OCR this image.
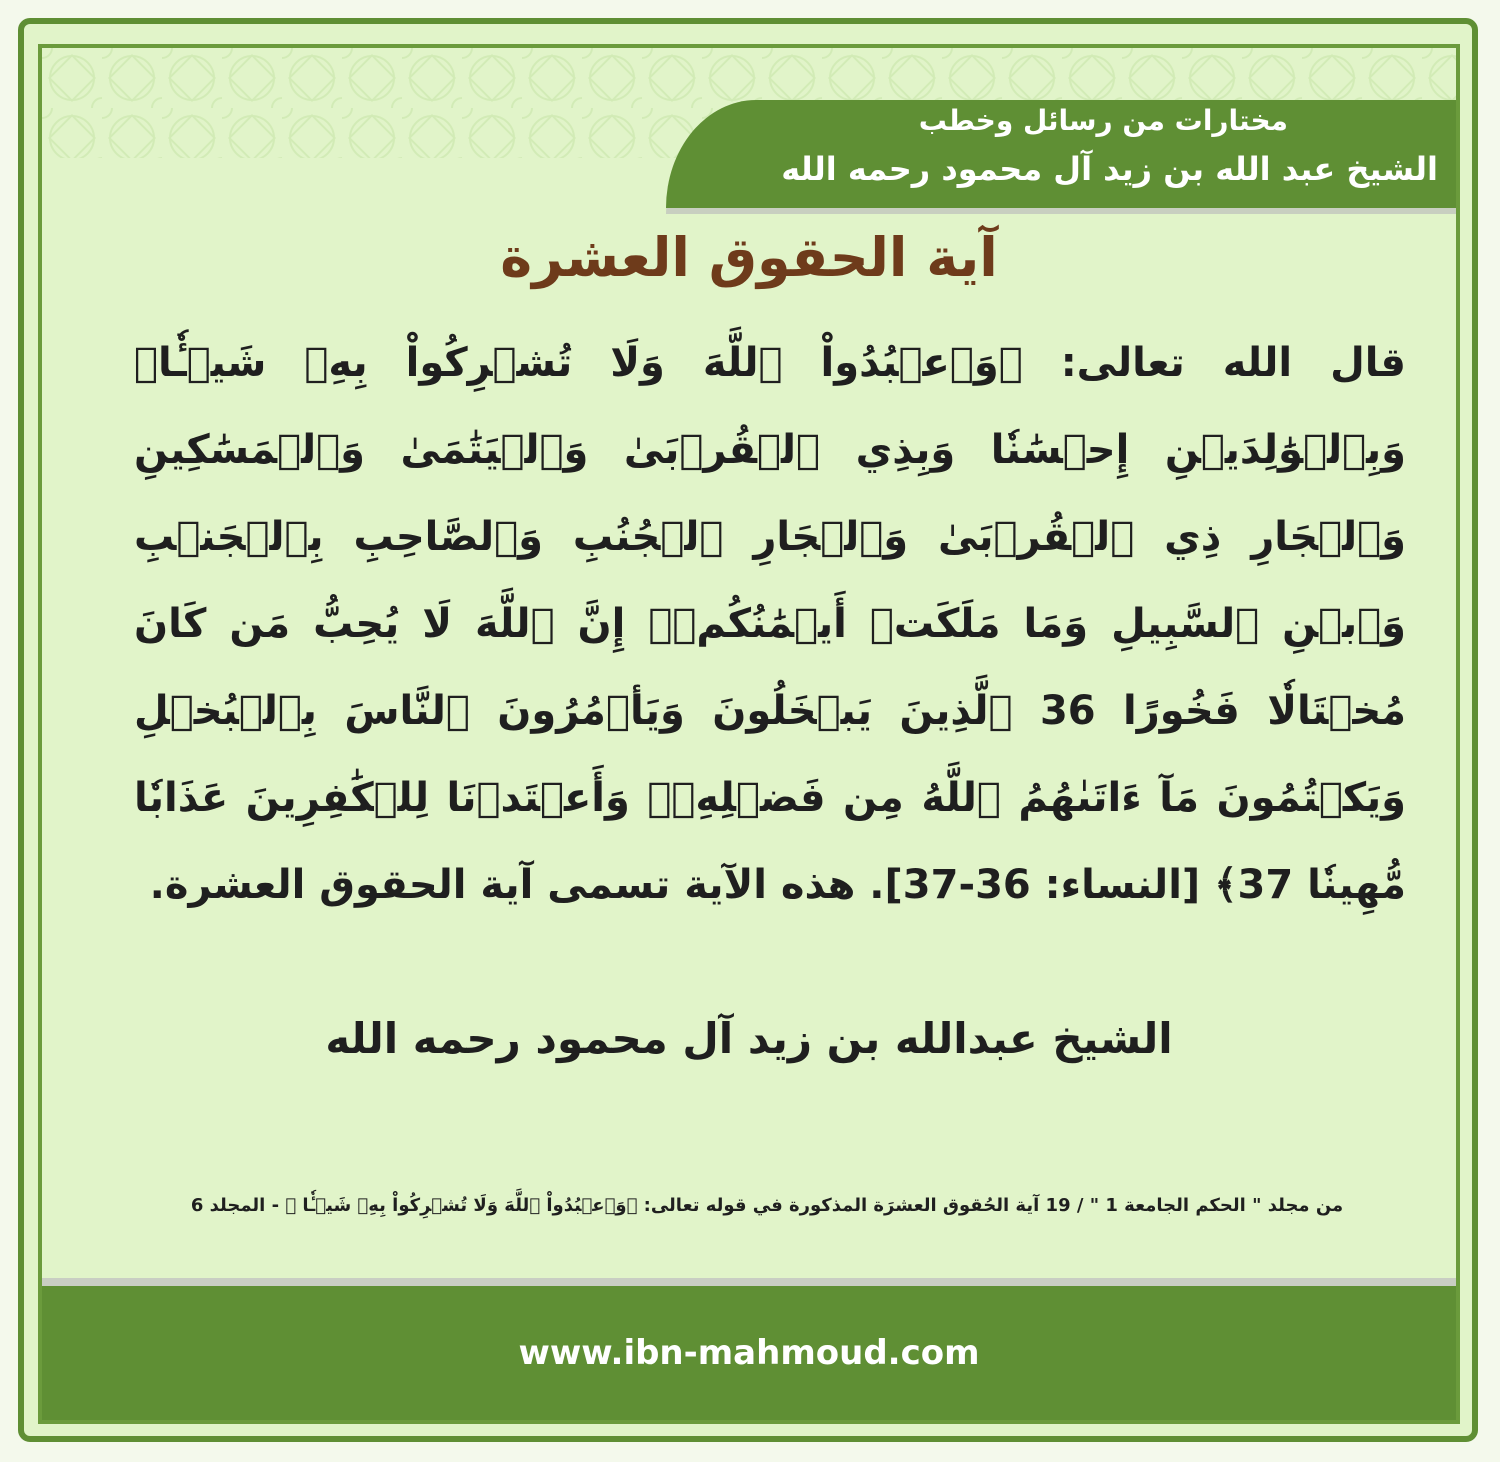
مختارات من رسائل وخطب
الشيخ عبد الله بن زيد آل محمود رحمه الله
آية الحقوق العشرة
قال الله تعالى: ﴿وَٱعۡبُدُواْ ٱللَّهَ وَلَا تُشۡرِكُواْ بِهِۦ شَيۡـٔٗاۖ وَبِٱلۡوَٰلِدَيۡنِ إِحۡسَٰنٗا وَبِذِي ٱلۡقُرۡبَىٰ وَٱلۡيَتَٰمَىٰ وَٱلۡمَسَٰكِينِ وَٱلۡجَارِ ذِي ٱلۡقُرۡبَىٰ وَٱلۡجَارِ ٱلۡجُنُبِ وَٱلصَّاحِبِ بِٱلۡجَنۢبِ وَٱبۡنِ ٱلسَّبِيلِ وَمَا مَلَكَتۡ أَيۡمَٰنُكُمۡۗ إِنَّ ٱللَّهَ لَا يُحِبُّ مَن كَانَ مُخۡتَالٗا فَخُورًا 36 ٱلَّذِينَ يَبۡخَلُونَ وَيَأۡمُرُونَ ٱلنَّاسَ بِٱلۡبُخۡلِ وَيَكۡتُمُونَ مَآ ءَاتَىٰهُمُ ٱللَّهُ مِن فَضۡلِهِۦۗ وَأَعۡتَدۡنَا لِلۡكَٰفِرِينَ عَذَابٗا مُّهِينٗا 37﴾ [النساء: 36-37]. هذه الآية تسمى آية الحقوق العشرة.
الشيخ عبدالله بن زيد آل محمود رحمه الله
من مجلد " الحكم الجامعة 1 " / 19 آية الحُقوق العشرَة المذكورة في قوله تعالى: ﴿وَٱعۡبُدُواْ ٱللَّهَ وَلَا تُشۡرِكُواْ بِهِۦ شَيۡـٔٗا ﴾ - المجلد 6
www.ibn-mahmoud.com
